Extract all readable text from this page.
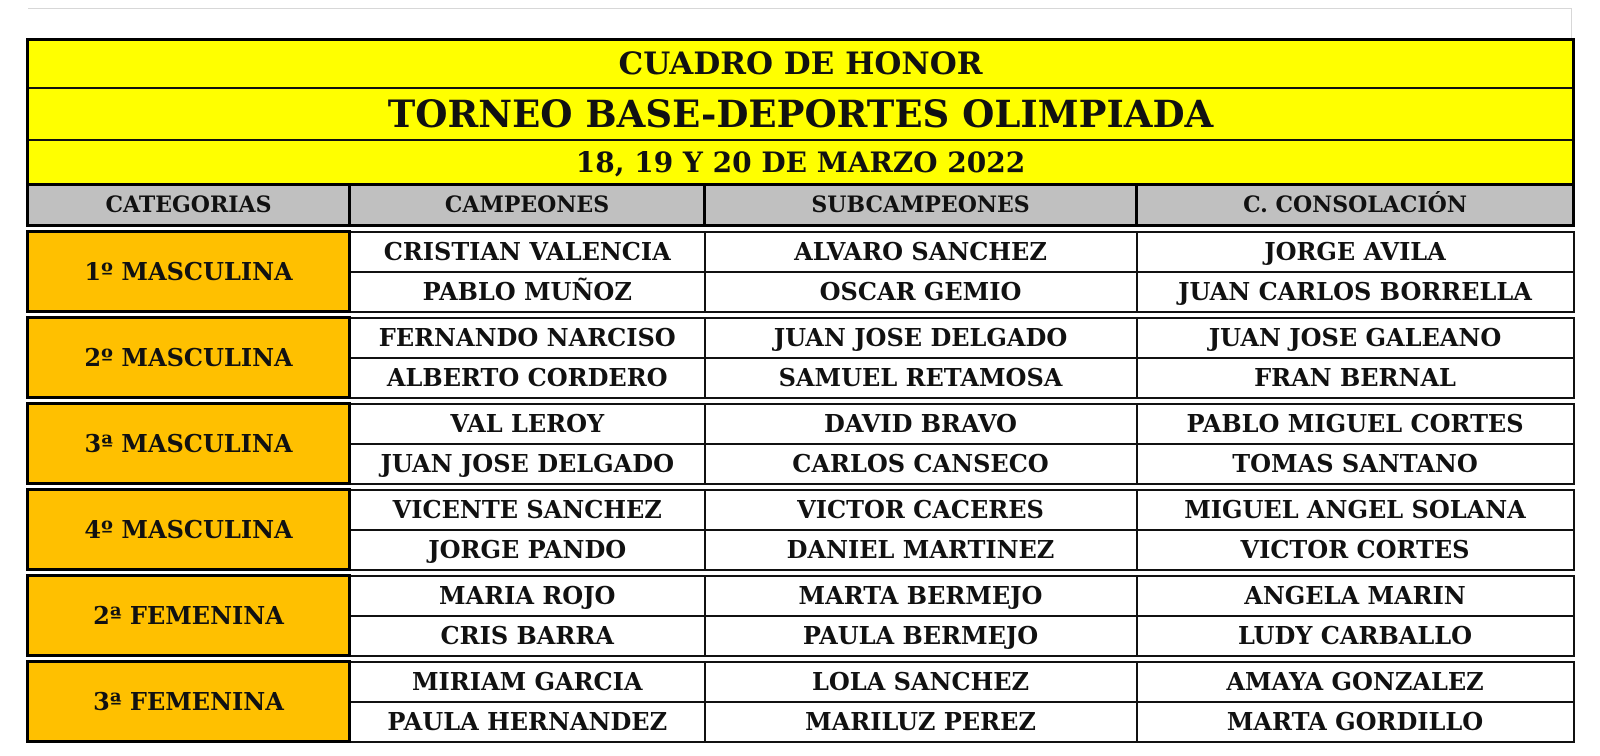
CUADRO DE HONOR			
TORNEO BASE-DEPORTES OLIMPIADA			
18, 19 Y 20 DE MARZO 2022			
CATEGORIAS	CAMPEONES	SUBCAMPEONES	C. CONSOLACIÓN

1º MASCULINA	CRISTIAN VALENCIA	ALVARO SANCHEZ	JORGE AVILA
	PABLO MUÑOZ	OSCAR GEMIO	JUAN CARLOS BORRELLA

2º MASCULINA	FERNANDO NARCISO	JUAN JOSE DELGADO	JUAN JOSE GALEANO
	ALBERTO CORDERO	SAMUEL RETAMOSA	FRAN BERNAL

3ª MASCULINA	VAL LEROY	DAVID BRAVO	PABLO MIGUEL CORTES
	JUAN JOSE DELGADO	CARLOS CANSECO	TOMAS SANTANO

4º MASCULINA	VICENTE SANCHEZ	VICTOR CACERES	MIGUEL ANGEL SOLANA
	JORGE PANDO	DANIEL MARTINEZ	VICTOR CORTES

2ª FEMENINA	MARIA ROJO	MARTA BERMEJO	ANGELA MARIN
	CRIS BARRA	PAULA BERMEJO	LUDY CARBALLO

3ª FEMENINA	MIRIAM GARCIA	LOLA SANCHEZ	AMAYA GONZALEZ
	PAULA HERNANDEZ	MARILUZ PEREZ	MARTA GORDILLO
